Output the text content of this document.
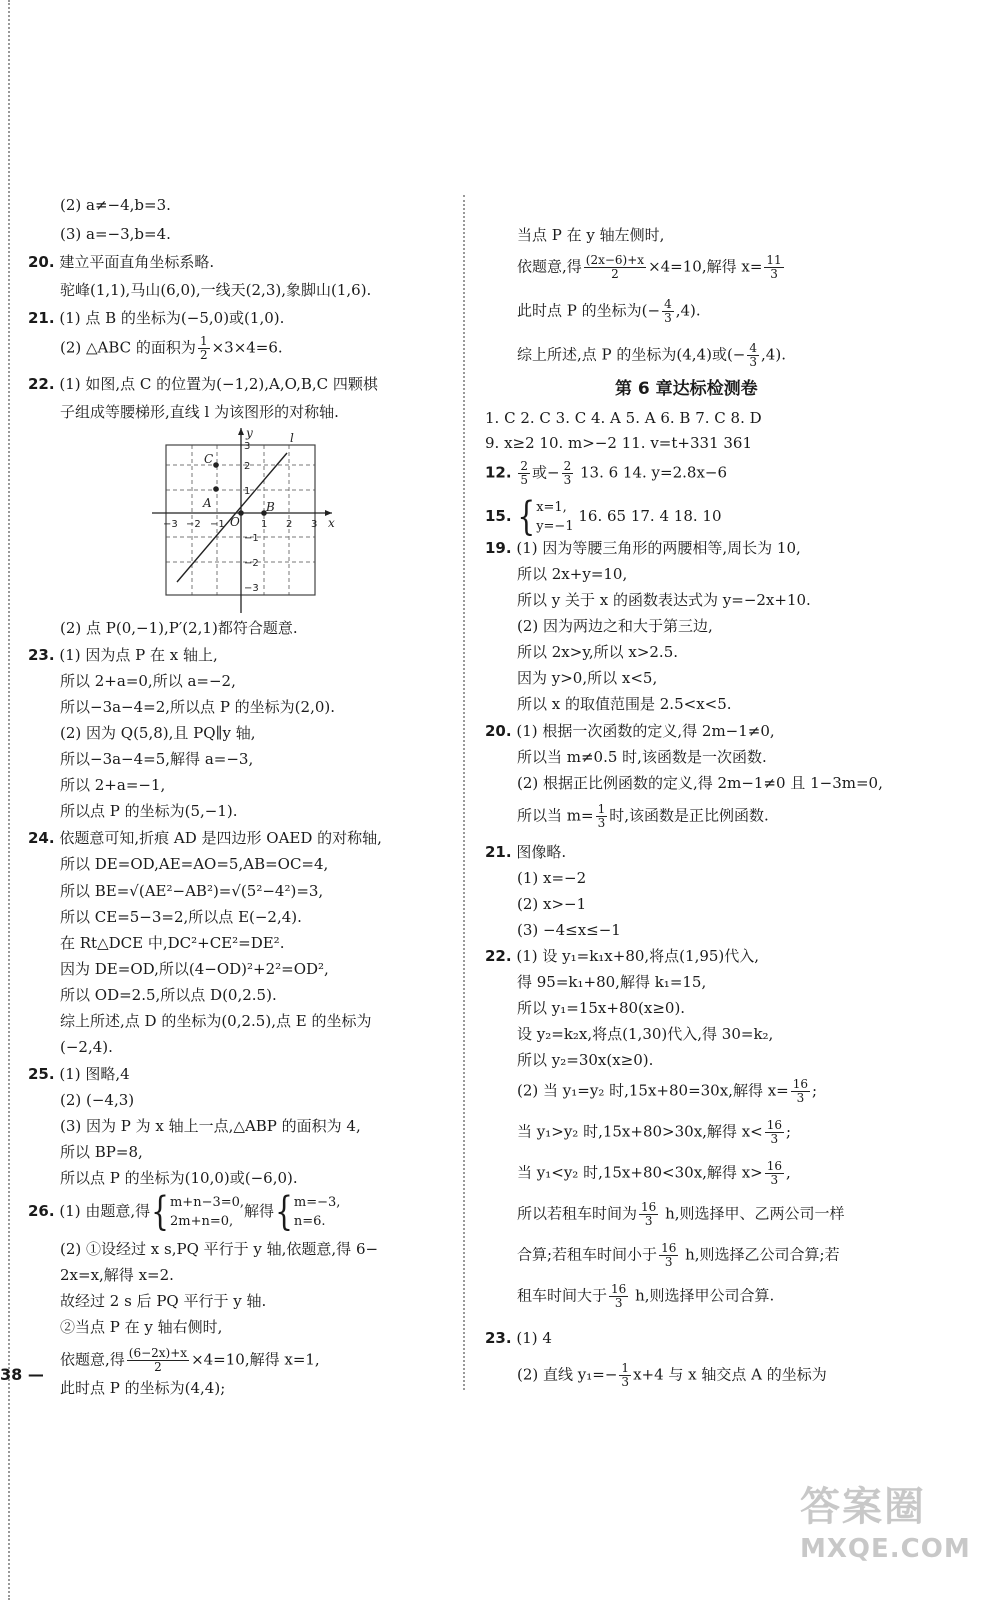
(2) a≠−4,b=3.
(3) a=−3,b=4.
20. 建立平面直角坐标系略.
驼峰(1,1),马山(6,0),一线天(2,3),象脚山(1,6).
21. (1) 点 B 的坐标为(−5,0)或(1,0).
(2) △ABC 的面积为 $\frac{1}{2} \times 3\times 4=6$.
22. (1) 如图,点 C 的位置为(−1,2),A,O,B,C 四颗棋
子组成等腰梯形,直线 l 为该图形的对称轴.
y
x
l
C
A
O
B
−3 −2 −1	1 2 3
3
2
1
−1
−2
−3
(2) 点 P(0,−1),P′(2,1)都符合题意.
23. (1) 因为点 P 在 x 轴上,
所以 2+a=0,所以 a=−2,
所以−3a−4=2,所以点 P 的坐标为(2,0).
(2) 因为 Q(5,8),且 PQ∥y 轴,
所以−3a−4=5,解得 a=−3,
所以 2+a=−1,
所以点 P 的坐标为(5,−1).
24. 依题意可知,折痕 AD 是四边形 OAED 的对称轴,
所以 DE=OD,AE=AO=5,AB=OC=4,
所以 BE=√(AE²−AB²)=√(5²−4²)=3,
所以 CE=5−3=2,所以点 E(−2,4).
在 Rt△DCE 中,DC²+CE²=DE².
因为 DE=OD,所以(4−OD)²+2²=OD²,
所以 OD=2.5,所以点 D(0,2.5).
综上所述,点 D 的坐标为(0,2.5),点 E 的坐标为
(−2,4).
25. (1) 图略,4
(2) (−4,3)
(3) 因为 P 为 x 轴上一点,△ABP 的面积为 4,
所以 BP=8,
所以点 P 的坐标为(10,0)或(−6,0).
26. (1) 由题意,得{ m+n−3=0,
2m+n=0,
解得{ m=−3,
n=6.
(2) ①设经过 x s,PQ 平行于 y 轴,依题意,得 6−
2x=x,解得 x=2.
故经过 2 s 后 PQ 平行于 y 轴.
②当点 P 在 y 轴右侧时,
依题意,得 $\frac{(6-2x)+x}{2} \times 4=10$,解得 x=1,
此时点 P 的坐标为(4,4);
当点 P 在 y 轴左侧时,
依题意,得 $\frac{(2x-6)+x}{2} \times 4=10$,解得 $x= \frac{11}{3}$
此时点 P 的坐标为(− $\frac{4}{3} ,4$).
综上所述,点 P 的坐标为(4,4)或(− $\frac{4}{3} ,4$).
第 6 章达标检测卷
1. C 2. C 3. C 4. A 5. A 6. B 7. C 8. D
9. x≥2 10. m>−2 11. v=t+331 361
12. $\frac{2}{5}$ 或− $\frac{2}{3} 13$. 6 14. y=2.8x−6
15. { x=1,
y=−1
16. 65 17. 4 18. 10
19. (1) 因为等腰三角形的两腰相等,周长为 10,
所以 2x+y=10,
所以 y 关于 x 的函数表达式为 y=−2x+10.
(2) 因为两边之和大于第三边,
所以 2x>y,所以 x>2.5.
因为 y>0,所以 x<5,
所以 x 的取值范围是 2.5<x<5.
20. (1) 根据一次函数的定义,得 2m−1≠0,
所以当 m≠0.5 时,该函数是一次函数.
(2) 根据正比例函数的定义,得 2m−1≠0 且 1−3m=0,
所以当 $m= \frac{1}{3}$ 时,该函数是正比例函数.
21. 图像略.
(1) x=−2
(2) x>−1
(3) −4≤x≤−1
22. (1) 设 y₁=k₁x+80,将点(1,95)代入,
得 95=k₁+80,解得 k₁=15,
所以 y₁=15x+80(x≥0).
设 y₂=k₂x,将点(1,30)代入,得 30=k₂,
所以 y₂=30x(x≥0).
(2) 当 y₁=y₂ 时,15x+80=30x,解得 $x= \frac{16}{3}$ ;
当 y₁>y₂ 时,15x+80>30x,解得 $x< \frac{16}{3}$ ;
当 y₁<y₂ 时,15x+80<30x,解得 $x> \frac{16}{3}$ ,
所以若租车时间为 $\frac{16}{3} h$,则选择甲、乙两公司一样
合算;若租车时间小于 $\frac{16}{3} h$,则选择乙公司合算;若
租车时间大于 $\frac{16}{3} h$,则选择甲公司合算.
23. (1) 4
(2) 直线 $y_1=- \frac{1}{3} x+4$ 与 x 轴交点 A 的坐标为
38 —
答案圈
MXQE.COM
